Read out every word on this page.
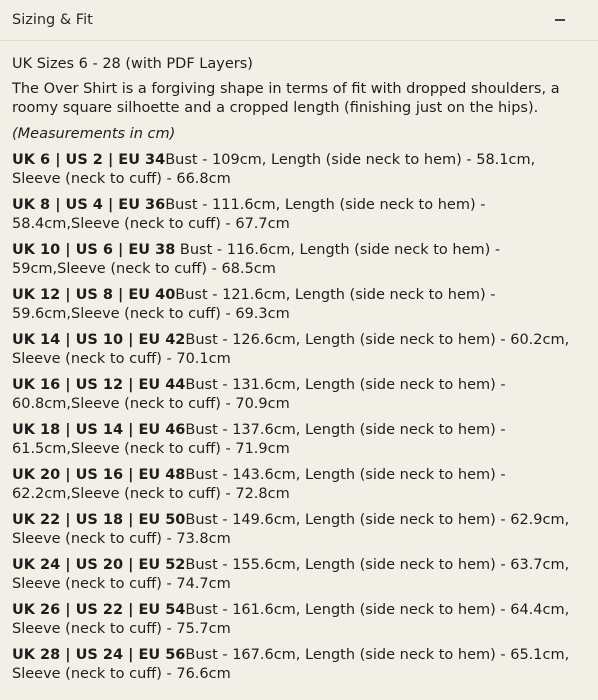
Sizing & Fit

UK Sizes 6 - 28 (with PDF Layers)

The Over Shirt is a forgiving shape in terms of fit with dropped shoulders, a roomy square silhoette and a cropped length (finishing just on the hips).

(Measurements in cm)

UK 6 | US 2 | EU 34Bust - 109cm, Length (side neck to hem) - 58.1cm, Sleeve (neck to cuff) - 66.8cm
UK 8 | US 4 | EU 36Bust - 111.6cm, Length (side neck to hem) - 58.4cm,Sleeve (neck to cuff) - 67.7cm
UK 10 | US 6 | EU 38 Bust - 116.6cm, Length (side neck to hem) - 59cm,Sleeve (neck to cuff) - 68.5cm
UK 12 | US 8 | EU 40Bust - 121.6cm, Length (side neck to hem) - 59.6cm,Sleeve (neck to cuff) - 69.3cm
UK 14 | US 10 | EU 42Bust - 126.6cm, Length (side neck to hem) - 60.2cm, Sleeve (neck to cuff) - 70.1cm
UK 16 | US 12 | EU 44Bust - 131.6cm, Length (side neck to hem) - 60.8cm,Sleeve (neck to cuff) - 70.9cm
UK 18 | US 14 | EU 46Bust - 137.6cm, Length (side neck to hem) - 61.5cm,Sleeve (neck to cuff) - 71.9cm
UK 20 | US 16 | EU 48Bust - 143.6cm, Length (side neck to hem) - 62.2cm,Sleeve (neck to cuff) - 72.8cm
UK 22 | US 18 | EU 50Bust - 149.6cm, Length (side neck to hem) - 62.9cm, Sleeve (neck to cuff) - 73.8cm
UK 24 | US 20 | EU 52Bust - 155.6cm, Length (side neck to hem) - 63.7cm, Sleeve (neck to cuff) - 74.7cm
UK 26 | US 22 | EU 54Bust - 161.6cm, Length (side neck to hem) - 64.4cm, Sleeve (neck to cuff) - 75.7cm
UK 28 | US 24 | EU 56Bust - 167.6cm, Length (side neck to hem) - 65.1cm, Sleeve (neck to cuff) - 76.6cm
